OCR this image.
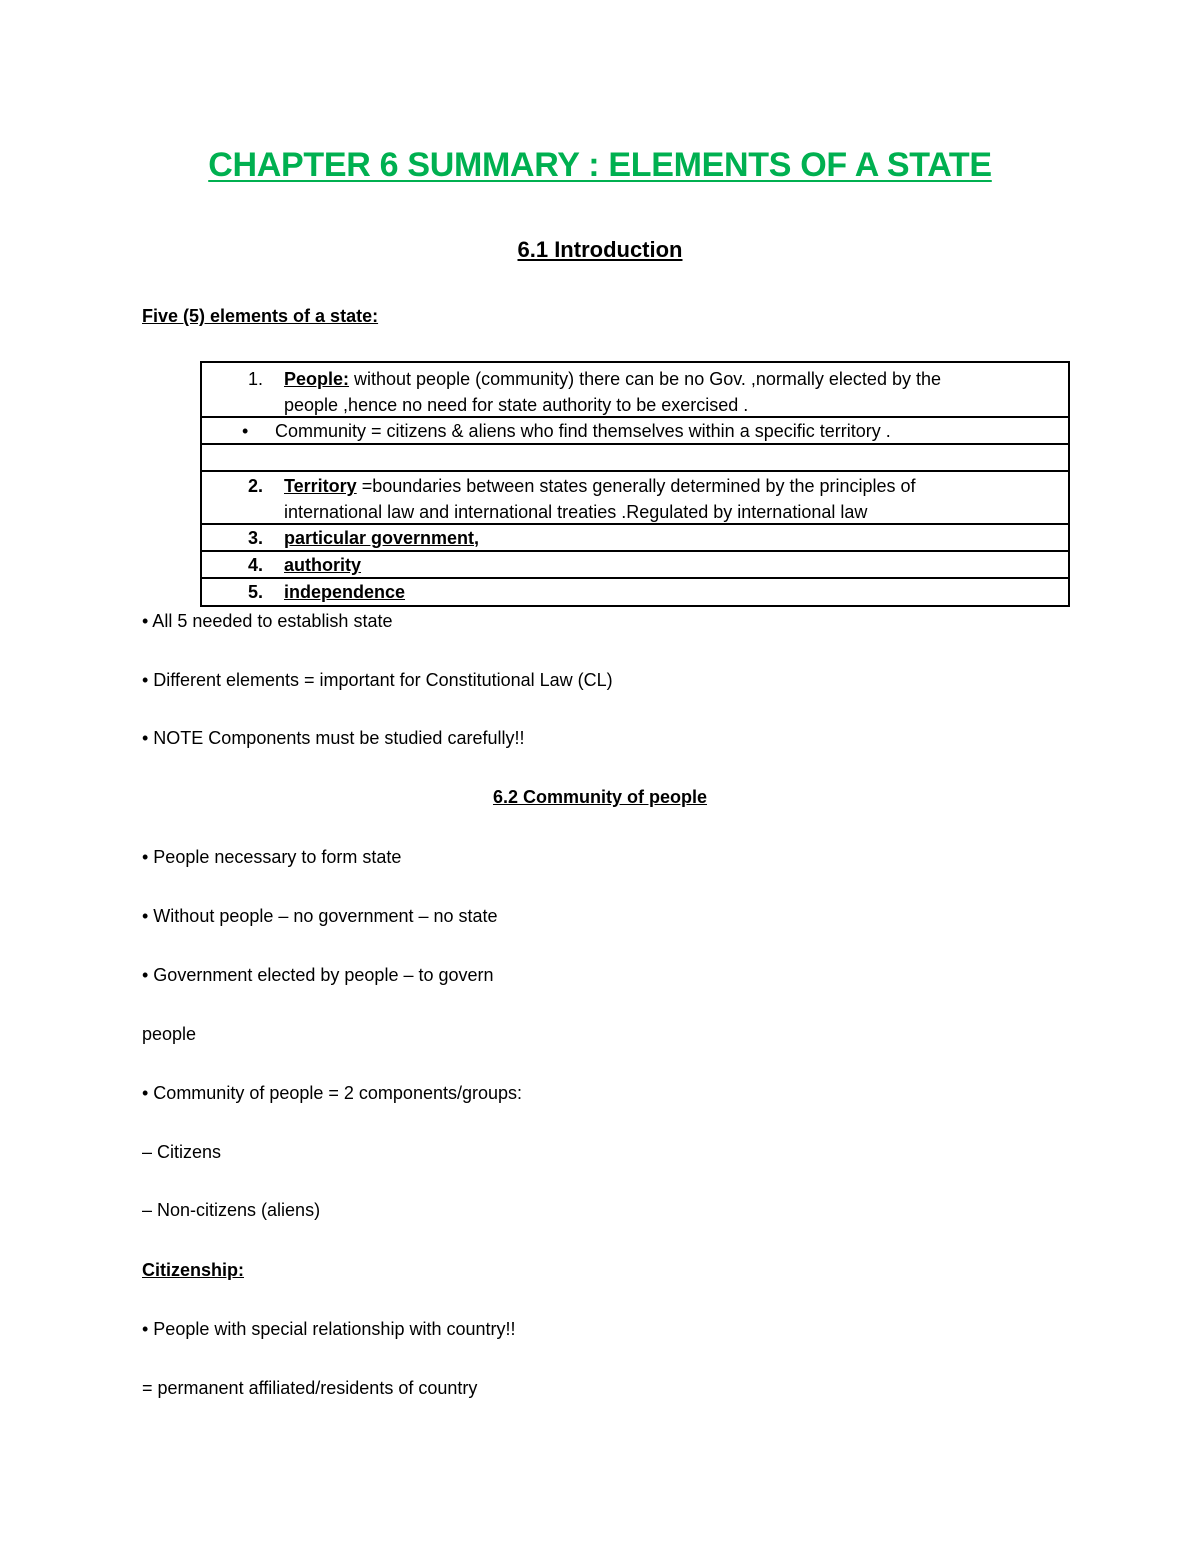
CHAPTER 6 SUMMARY : ELEMENTS OF A STATE
6.1 Introduction
Five (5) elements of a state:
1. People: without people (community) there can be no Gov. ,normally elected by the
people ,hence no need for state authority to be exercised .
• Community = citizens & aliens who find themselves within a specific territory .
2. Territory =boundaries between states generally determined by the principles of
international law and international treaties .Regulated by international law
3. particular government,
4. authority
5. independence
• All 5 needed to establish state
• Different elements = important for Constitutional Law (CL)
• NOTE Components must be studied carefully!!
6.2 Community of people
• People necessary to form state
• Without people – no government – no state
• Government elected by people – to govern
people
• Community of people = 2 components/groups:
– Citizens
– Non-citizens (aliens)
Citizenship:
• People with special relationship with country!!
= permanent affiliated/residents of country
